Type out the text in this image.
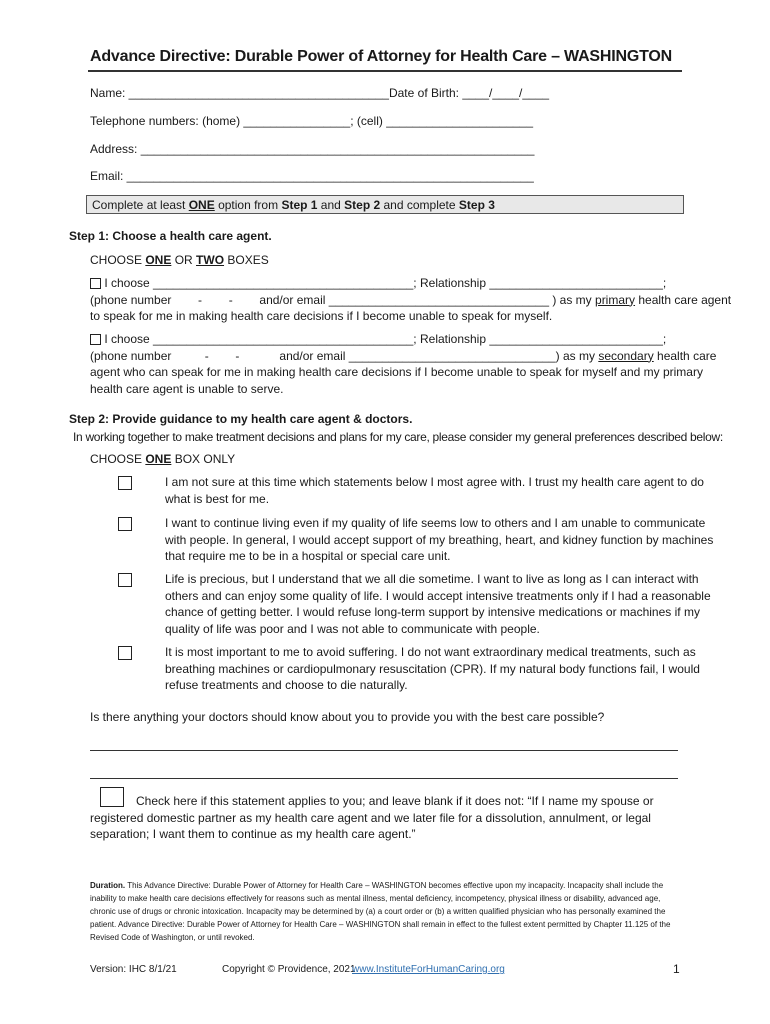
Advance Directive: Durable Power of Attorney for Health Care – WASHINGTON
Name: _______________________________________Date of Birth: ____/____/____
Telephone numbers: (home) ________________; (cell) ______________________
Address: ___________________________________________________________
Email: _____________________________________________________________
Complete at least ONE option from Step 1 and Step 2 and complete Step 3
Step 1: Choose a health care agent.
CHOOSE ONE OR TWO BOXES
I choose _______________________________________; Relationship __________________________;
(phone number        -        -        and/or email _________________________________ ) as my primary health care agent
to speak for me in making health care decisions if I become unable to speak for myself.
I choose _______________________________________; Relationship __________________________;
(phone number          -        -            and/or email _______________________________) as my secondary health care
agent who can speak for me in making health care decisions if I become unable to speak for myself and my primary health care agent is unable to serve.
Step 2: Provide guidance to my health care agent & doctors.
In working together to make treatment decisions and plans for my care, please consider my general preferences described below:
CHOOSE ONE BOX ONLY
I am not sure at this time which statements below I most agree with. I trust my health care agent to do what is best for me.
I want to continue living even if my quality of life seems low to others and I am unable to communicate with people. In general, I would accept support of my breathing, heart, and kidney function by machines that require me to be in a hospital or special care unit.
Life is precious, but I understand that we all die sometime. I want to live as long as I can interact with others and can enjoy some quality of life. I would accept intensive treatments only if I had a reasonable chance of getting better. I would refuse long-term support by intensive medications or machines if my quality of life was poor and I was not able to communicate with people.
It is most important to me to avoid suffering. I do not want extraordinary medical treatments, such as breathing machines or cardiopulmonary resuscitation (CPR). If my natural body functions fail, I would refuse treatments and choose to die naturally.
Is there anything your doctors should know about you to provide you with the best care possible?
Check here if this statement applies to you; and leave blank if it does not: “If I name my spouse or registered domestic partner as my health care agent and we later file for a dissolution, annulment, or legal separation; I want them to continue as my health care agent.”
Duration. This Advance Directive: Durable Power of Attorney for Health Care – WASHINGTON becomes effective upon my incapacity. Incapacity shall include the inability to make health care decisions effectively for reasons such as mental illness, mental deficiency, incompetency, physical illness or disability, advanced age, chronic use of drugs or chronic intoxication. Incapacity may be determined by (a) a court order or (b) a written qualified physician who has personally examined the patient. Advance Directive: Durable Power of Attorney for Health Care – WASHINGTON shall remain in effect to the fullest extent permitted by Chapter 11.125 of the Revised Code of Washington, or until revoked.
Version: IHC 8/1/21	Copyright © Providence, 2021
www.InstituteForHumanCaring.org	1
